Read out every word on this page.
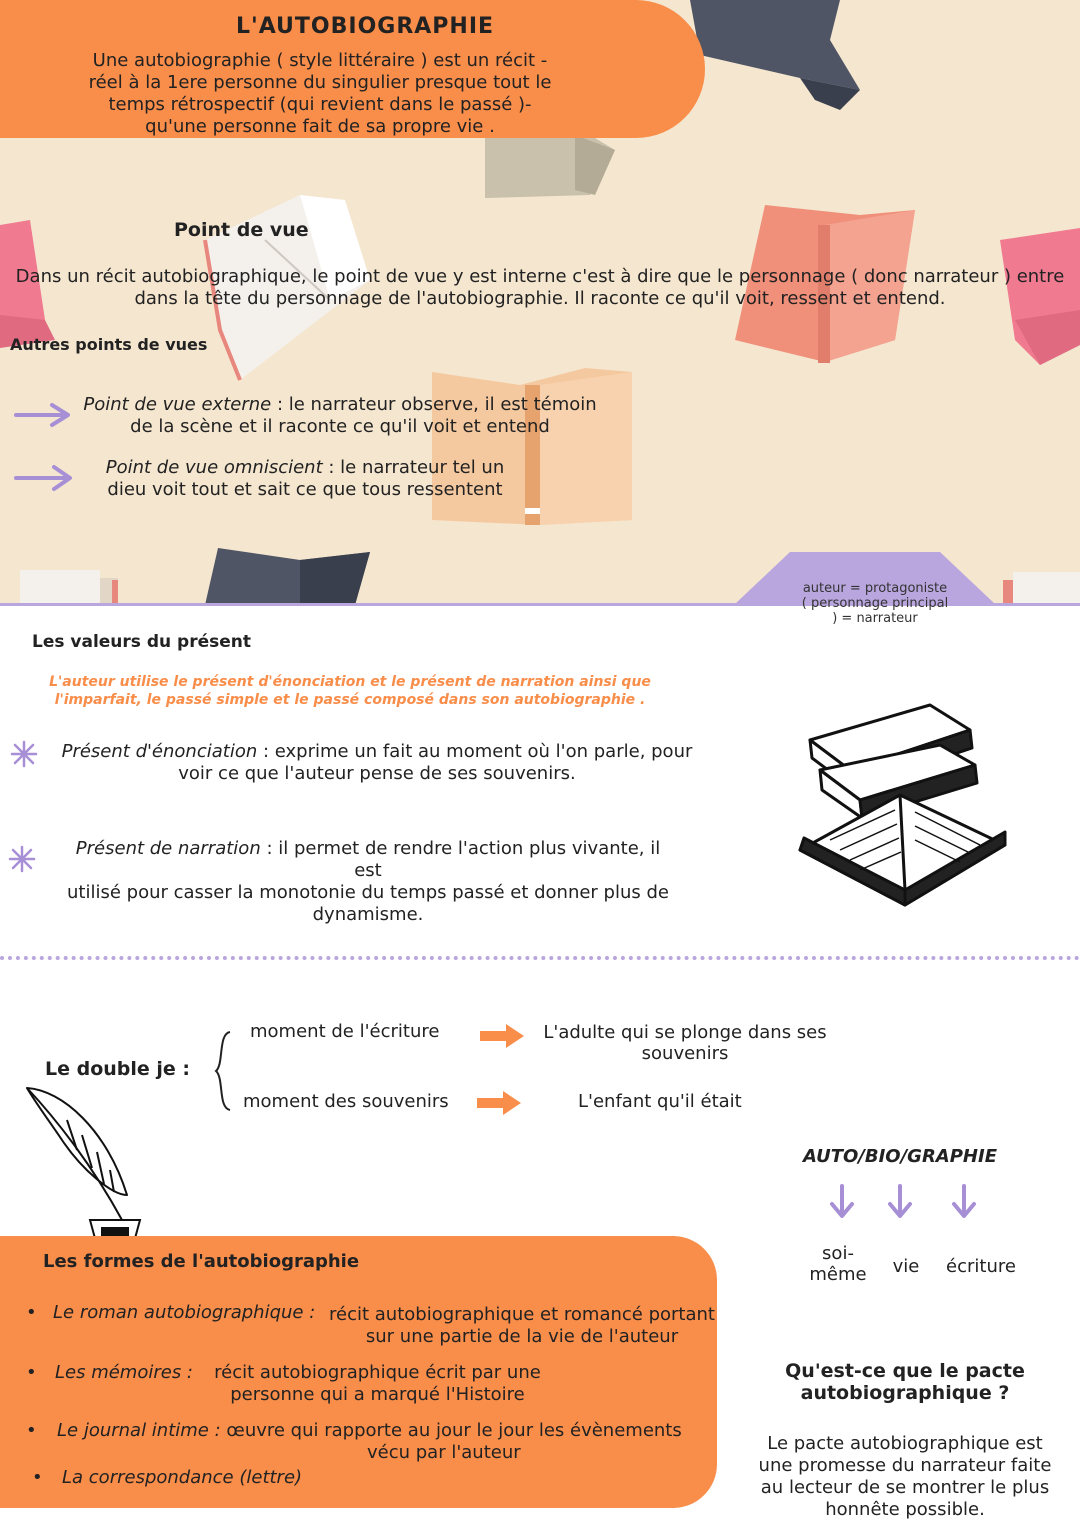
L'AUTOBIOGRAPHIE
Une autobiographie ( style littéraire ) est un récit -
réel à la 1ere personne du singulier presque tout le
temps rétrospectif (qui revient dans le passé )-
qu'une personne fait de sa propre vie .
Point de vue
Dans un récit autobiographique, le point de vue y est interne c'est à dire que le personnage ( donc narrateur ) entre
dans la tête du personnage de l'autobiographie. Il raconte ce qu'il voit, ressent et entend.
Autres points de vues
Point de vue externe : le narrateur observe, il est témoin
de la scène et il raconte ce qu'il voit et entend
Point de vue omniscient : le narrateur tel un
dieu voit tout et sait ce que tous ressentent
auteur = protagoniste
( personnage principal
) = narrateur
Les valeurs du présent
L'auteur utilise le présent d'énonciation et le présent de narration ainsi que
l'imparfait, le passé simple et le passé composé dans son autobiographie .
Présent d'énonciation : exprime un fait au moment où l'on parle, pour
voir ce que l'auteur pense de ses souvenirs.
Présent de narration : il permet de rendre l'action plus vivante, il est
utilisé pour casser la monotonie du temps passé et donner plus de
dynamisme.
Le double je :
moment de l'écriture	L'adulte qui se plonge dans ses
souvenirs
moment des souvenirs	L'enfant qu'il était
AUTO/BIO/GRAPHIE
soi-
même	vie	écriture
Les formes de l'autobiographie
• Le roman autobiographique : récit autobiographique et romancé portant
sur une partie de la vie de l'auteur
• Les mémoires :	récit autobiographique écrit par une
personne qui a marqué l'Histoire
• Le journal intime : œuvre qui rapporte au jour le jour les évènements
vécu par l'auteur
• La correspondance (lettre)
Qu'est-ce que le pacte
autobiographique ?
Le pacte autobiographique est
une promesse du narrateur faite
au lecteur de se montrer le plus
honnête possible.
